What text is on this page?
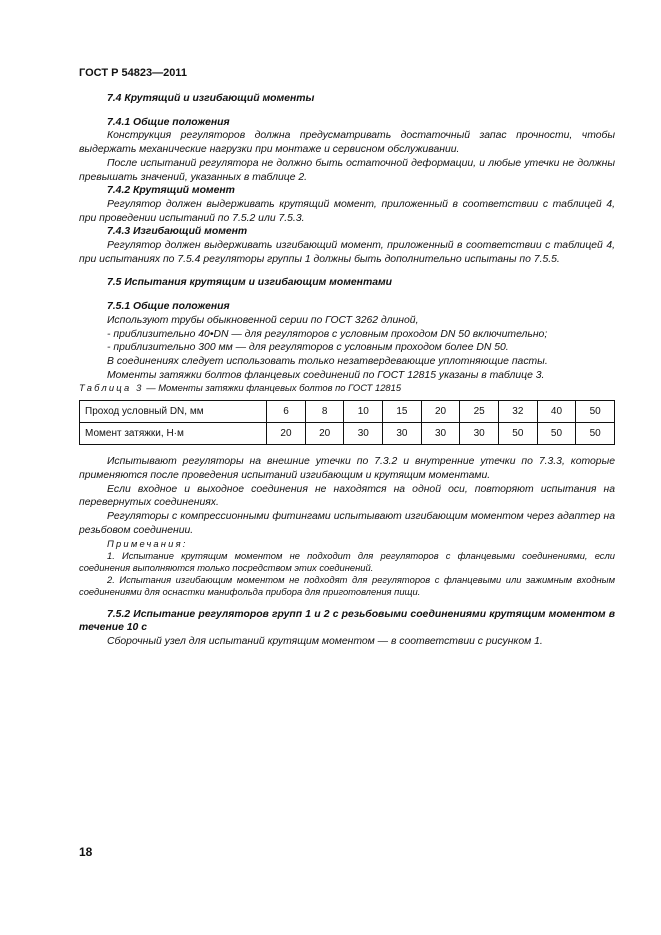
ГОСТ Р 54823—2011

7.4 Крутящий и изгибающий моменты

7.4.1 Общие положения

Конструкция регуляторов должна предусматривать достаточный запас прочности, чтобы выдержать механические нагрузки при монтаже и сервисном обслуживании.

После испытаний регулятора не должно быть остаточной деформации, и любые утечки не должны превышать значений, указанных в таблице 2.

7.4.2 Крутящий момент

Регулятор должен выдерживать крутящий момент, приложенный в соответствии с таблицей 4, при проведении испытаний по 7.5.2 или 7.5.3.

7.4.3 Изгибающий момент

Регулятор должен выдерживать изгибающий момент, приложенный в соответствии с таблицей 4, при испытаниях по 7.5.4 регуляторы группы 1 должны быть дополнительно испытаны по 7.5.5.

7.5 Испытания крутящим и изгибающим моментами

7.5.1 Общие положения

Используют трубы обыкновенной серии по ГОСТ 3262 длиной,

- приблизительно 40•DN — для регуляторов с условным проходом DN 50 включительно;

- приблизительно 300 мм — для регуляторов с условным проходом более DN 50.

В соединениях следует использовать только незатвердевающие уплотняющие пасты.

Моменты затяжки болтов фланцевых соединений по ГОСТ 12815 указаны в таблице 3.

Таблица 3 — Моменты затяжки фланцевых болтов по ГОСТ 12815

Проход условный DN, мм	6	8	10	15	20	25	32	40	50
Момент затяжки, Н·м	20	20	30	30	30	30	50	50	50

Испытывают регуляторы на внешние утечки по 7.3.2 и внутренние утечки по 7.3.3, которые применяются после проведения испытаний изгибающим и крутящим моментами.

Если входное и выходное соединения не находятся на одной оси, повторяют испытания на перевернутых соединениях.

Регуляторы с компрессионными фитингами испытывают изгибающим моментом через адаптер на резьбовом соединении.

Примечания:

1. Испытание крутящим моментом не подходит для регуляторов с фланцевыми соединениями, если соединения выполняются только посредством этих соединений.

2. Испытания изгибающим моментом не подходят для регуляторов с фланцевыми или зажимным входным соединениями для оснастки манифольда прибора для приготовления пищи.

7.5.2 Испытание регуляторов групп 1 и 2 с резьбовыми соединениями крутящим моментом в течение 10 с

Сборочный узел для испытаний крутящим моментом — в соответствии с рисунком 1.

18
